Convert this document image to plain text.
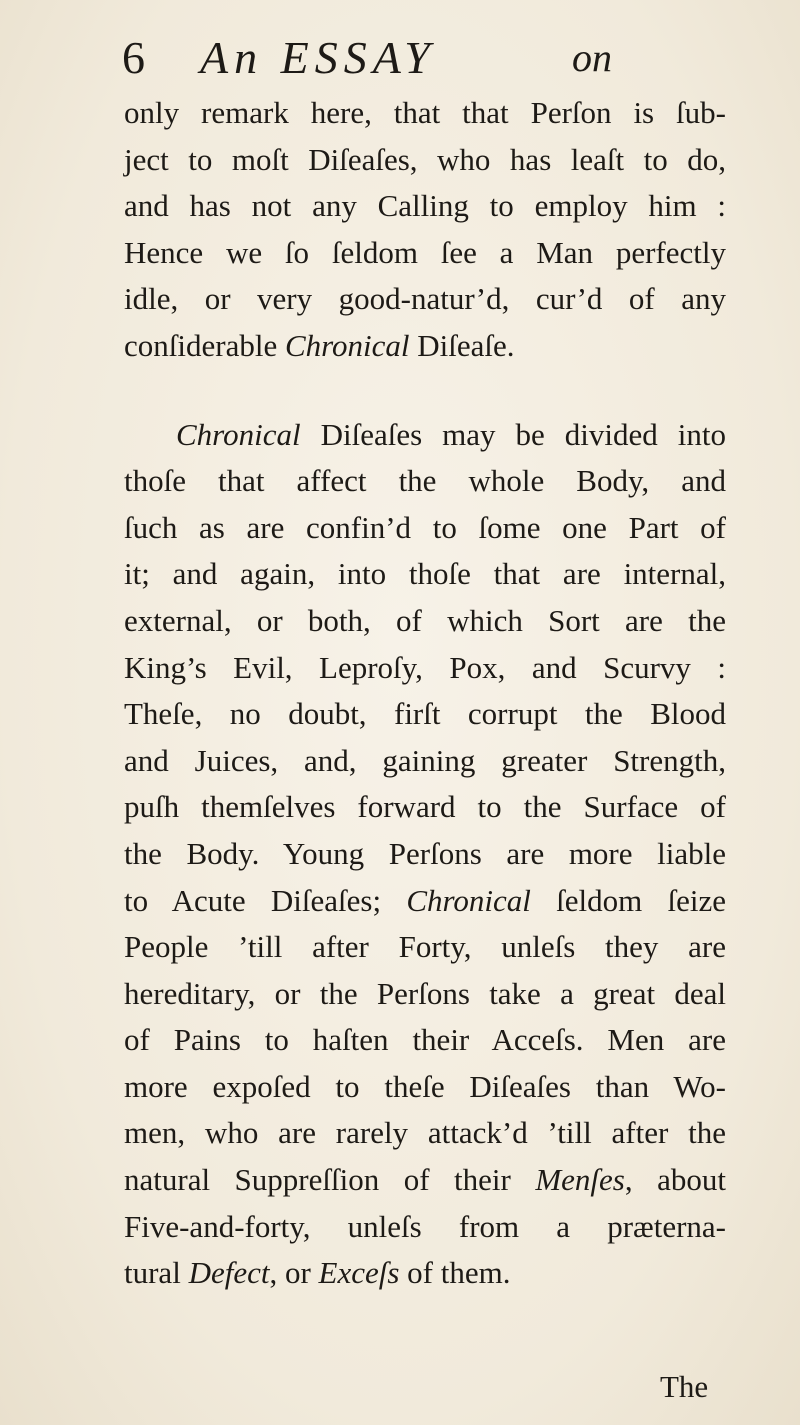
6 An ESSAY	on
only remark here, that that Perſon is ſub-
ject to moſt Diſeaſes, who has leaſt to do,
and has not any Calling to employ him :
Hence we ſo ſeldom ſee a Man perfectly
idle, or very good-natur’d, cur’d of any
conſiderable Chronical Diſeaſe.
Chronical Diſeaſes may be divided into
thoſe that affect the whole Body, and
ſuch as are confin’d to ſome one Part of
it; and again, into thoſe that are internal,
external, or both, of which Sort are the
King’s Evil, Leproſy, Pox, and Scurvy :
Theſe, no doubt, firſt corrupt the Blood
and Juices, and, gaining greater Strength,
puſh themſelves forward to the Surface of
the Body. Young Perſons are more liable
to Acute Diſeaſes; Chronical ſeldom ſeize
People ’till after Forty, unleſs they are
hereditary, or the Perſons take a great deal
of Pains to haſten their Acceſs. Men are
more expoſed to theſe Diſeaſes than Wo-
men, who are rarely attack’d ’till after the
natural Suppreſſion of their Menſes, about
Five-and-forty, unleſs from a præterna-
tural Defect, or Exceſs of them.
The
